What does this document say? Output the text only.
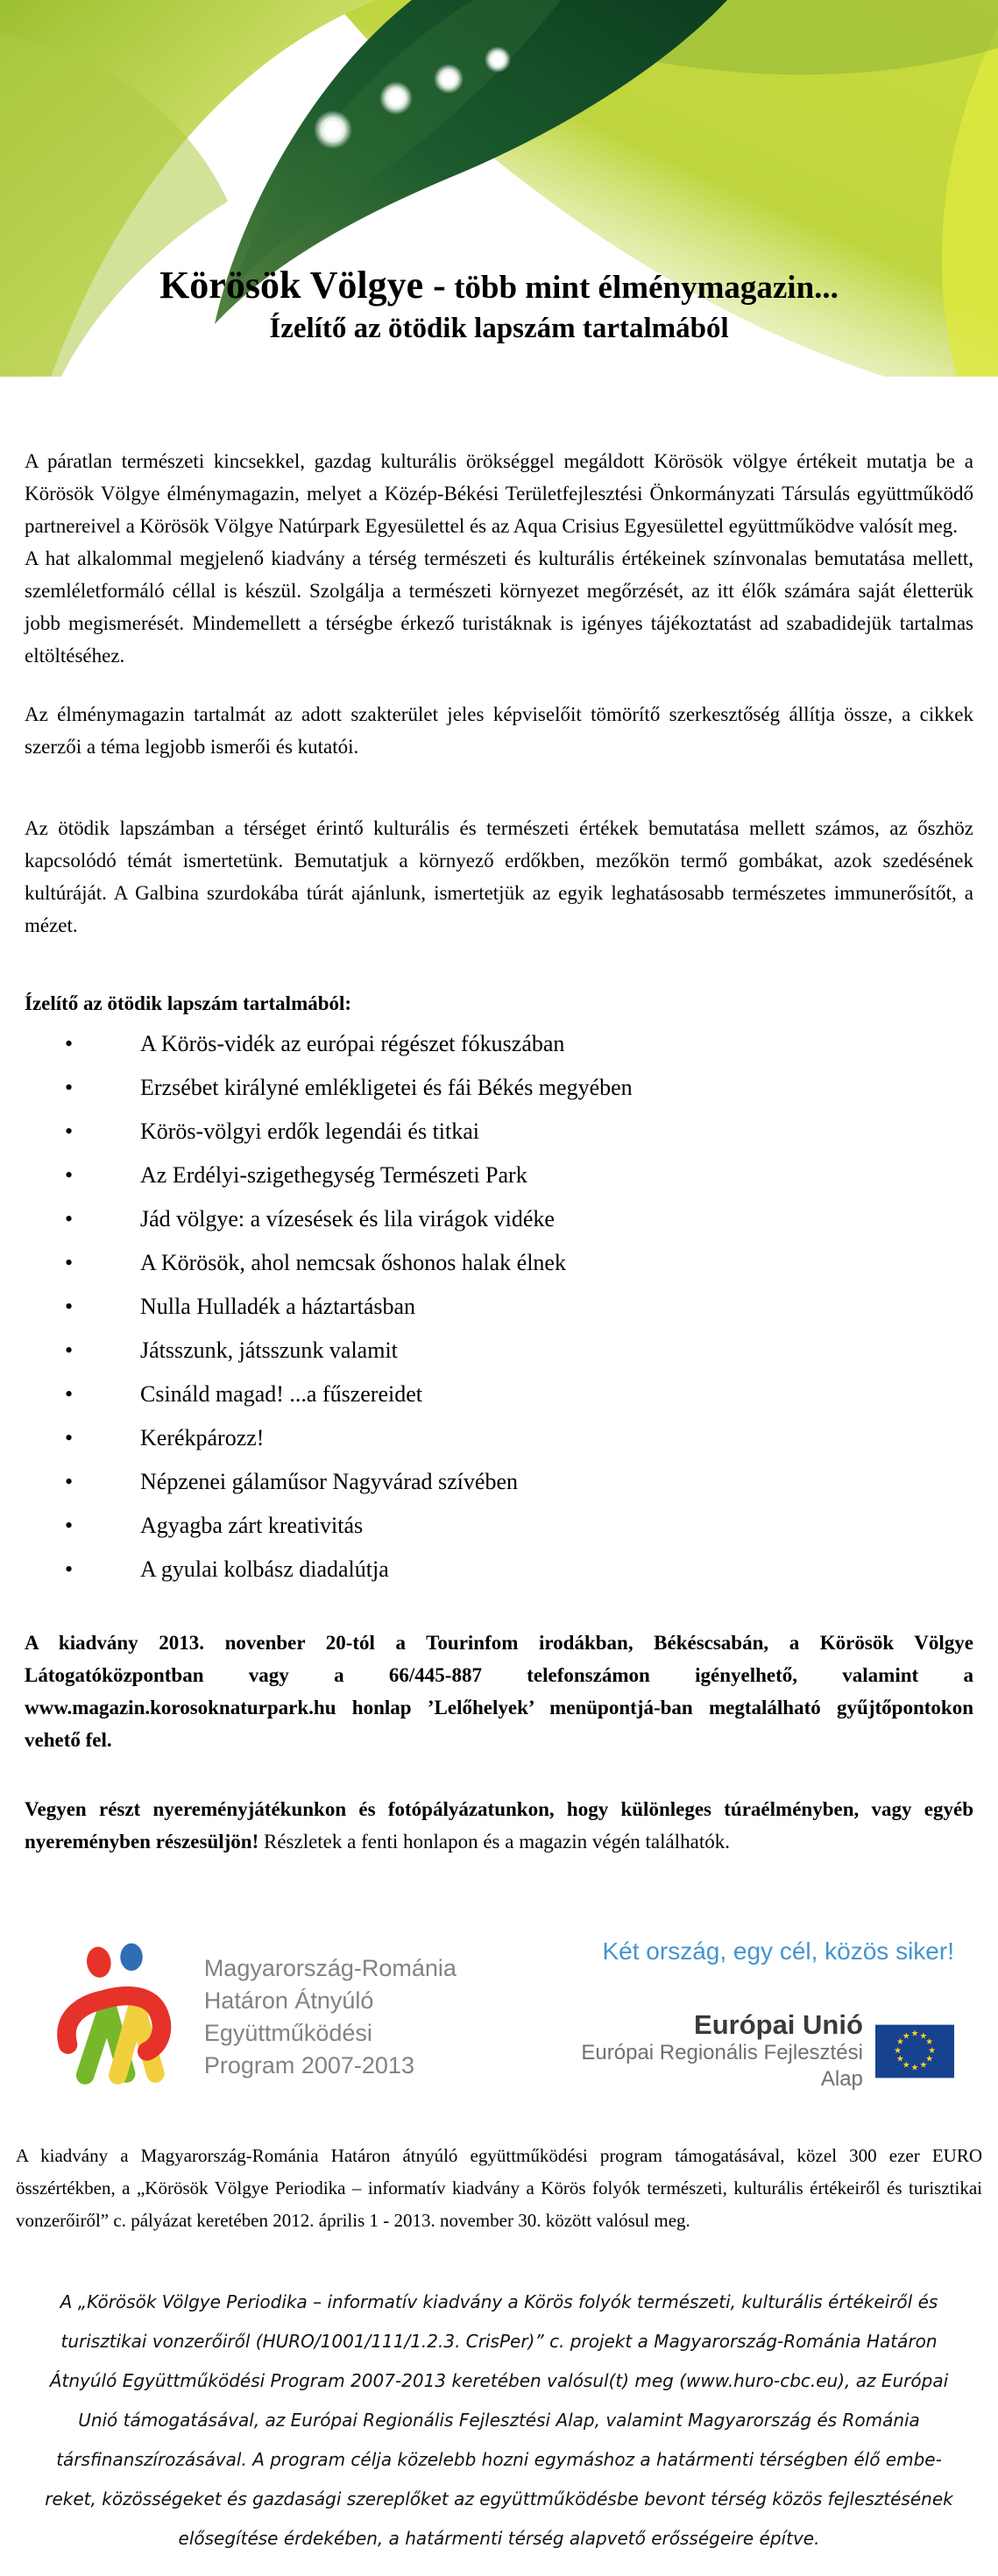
Körösök Völgye - több mint élménymagazin...
Ízelítő az ötödik lapszám tartalmából

A páratlan természeti kincsekkel, gazdag kulturális örökséggel megáldott Körösök völgye értékeit mutatja be a Körösök Völgye élménymagazin, melyet a Közép-Békési Területfejlesztési Önkormányzati Társulás együttműködő partnereivel a Körösök Völgye Natúrpark Egyesülettel és az Aqua Crisius Egyesülettel együttműködve valósít meg.

A hat alkalommal megjelenő kiadvány a térség természeti és kulturális értékeinek színvonalas bemutatása mellett, szemléletformáló céllal is készül. Szolgálja a természeti környezet megőrzését, az itt élők számára saját életterük jobb megismerését. Mindemellett a térségbe érkező turistáknak is igényes tájékoztatást ad szabadidejük tartalmas eltöltéséhez.

Az élménymagazin tartalmát az adott szakterület jeles képviselőit tömörítő szerkesztőség állítja össze, a cikkek szerzői a téma legjobb ismerői és kutatói.

Az ötödik lapszámban a térséget érintő kulturális és természeti értékek bemutatása mellett számos, az őszhöz kapcsolódó témát ismertetünk. Bemutatjuk a környező erdőkben, mezőkön termő gombákat, azok szedésének kultúráját. A Galbina szurdokába túrát ajánlunk, ismertetjük az egyik leghatásosabb természetes immunerősítőt, a mézet.

Ízelítő az ötödik lapszám tartalmából:

• A Körös-vidék az európai régészet fókuszában
• Erzsébet királyné emlékligetei és fái Békés megyében
• Körös-völgyi erdők legendái és titkai
• Az Erdélyi-szigethegység Természeti Park
• Jád völgye: a vízesések és lila virágok vidéke
• A Körösök, ahol nemcsak őshonos halak élnek
• Nulla Hulladék a háztartásban
• Játsszunk, játsszunk valamit
• Csináld magad! ...a fűszereidet
• Kerékpározz!
• Népzenei gálaműsor Nagyvárad szívében
• Agyagba zárt kreativitás
• A gyulai kolbász diadalútja

A kiadvány 2013. novenber 20-tól a Tourinfom irodákban, Békéscsabán, a Körösök Völgye Látogatóközpontban vagy a 66/445-887 telefonszámon igényelhető, valamint a www.magazin.korosoknaturpark.hu honlap ’Lelőhelyek’ menüpontjá-ban megtalálható gyűjtőpontokon vehető fel.

Vegyen részt nyereményjátékunkon és fotópályázatunkon, hogy különleges túraélményben, vagy egyéb nyereményben részesüljön! Részletek a fenti honlapon és a magazin végén találhatók.

Magyarország-Románia
Határon Átnyúló Együttműködési
Program 2007-2013

Két ország, egy cél, közös siker!

Európai Unió
Európai Regionális Fejlesztési Alap
★ ★
★
★
★
★
★
★
★
★
★
★

A kiadvány a Magyarország-Románia Határon átnyúló együttműködési program támogatásával, közel 300 ezer EURO összértékben, a „Körösök Völgye Periodika – informatív kiadvány a Körös folyók természeti, kulturális értékeiről és turisztikai vonzerőiről” c. pályázat keretében 2012. április 1 - 2013. november 30. között valósul meg.

A „Körösök Völgye Periodika – informatív kiadvány a Körös folyók természeti, kulturális értékeiről és turisztikai vonzerőiről (HURO/1001/111/1.2.3. CrisPer)” c. projekt a Magyarország-Románia Határon Átnyúló Együttműködési Program 2007-2013 keretében valósul(t) meg (www.huro-cbc.eu), az Európai Unió támogatásával, az Európai Regionális Fejlesztési Alap, valamint Magyarország és Románia társfinanszírozásával. A program célja közelebb hozni egymáshoz a határmenti térségben élő embe-reket, közösségeket és gazdasági szereplőket az együttműködésbe bevont térség közös fejlesztésének elősegítése érdekében, a határmenti térség alapvető erősségeire építve.
